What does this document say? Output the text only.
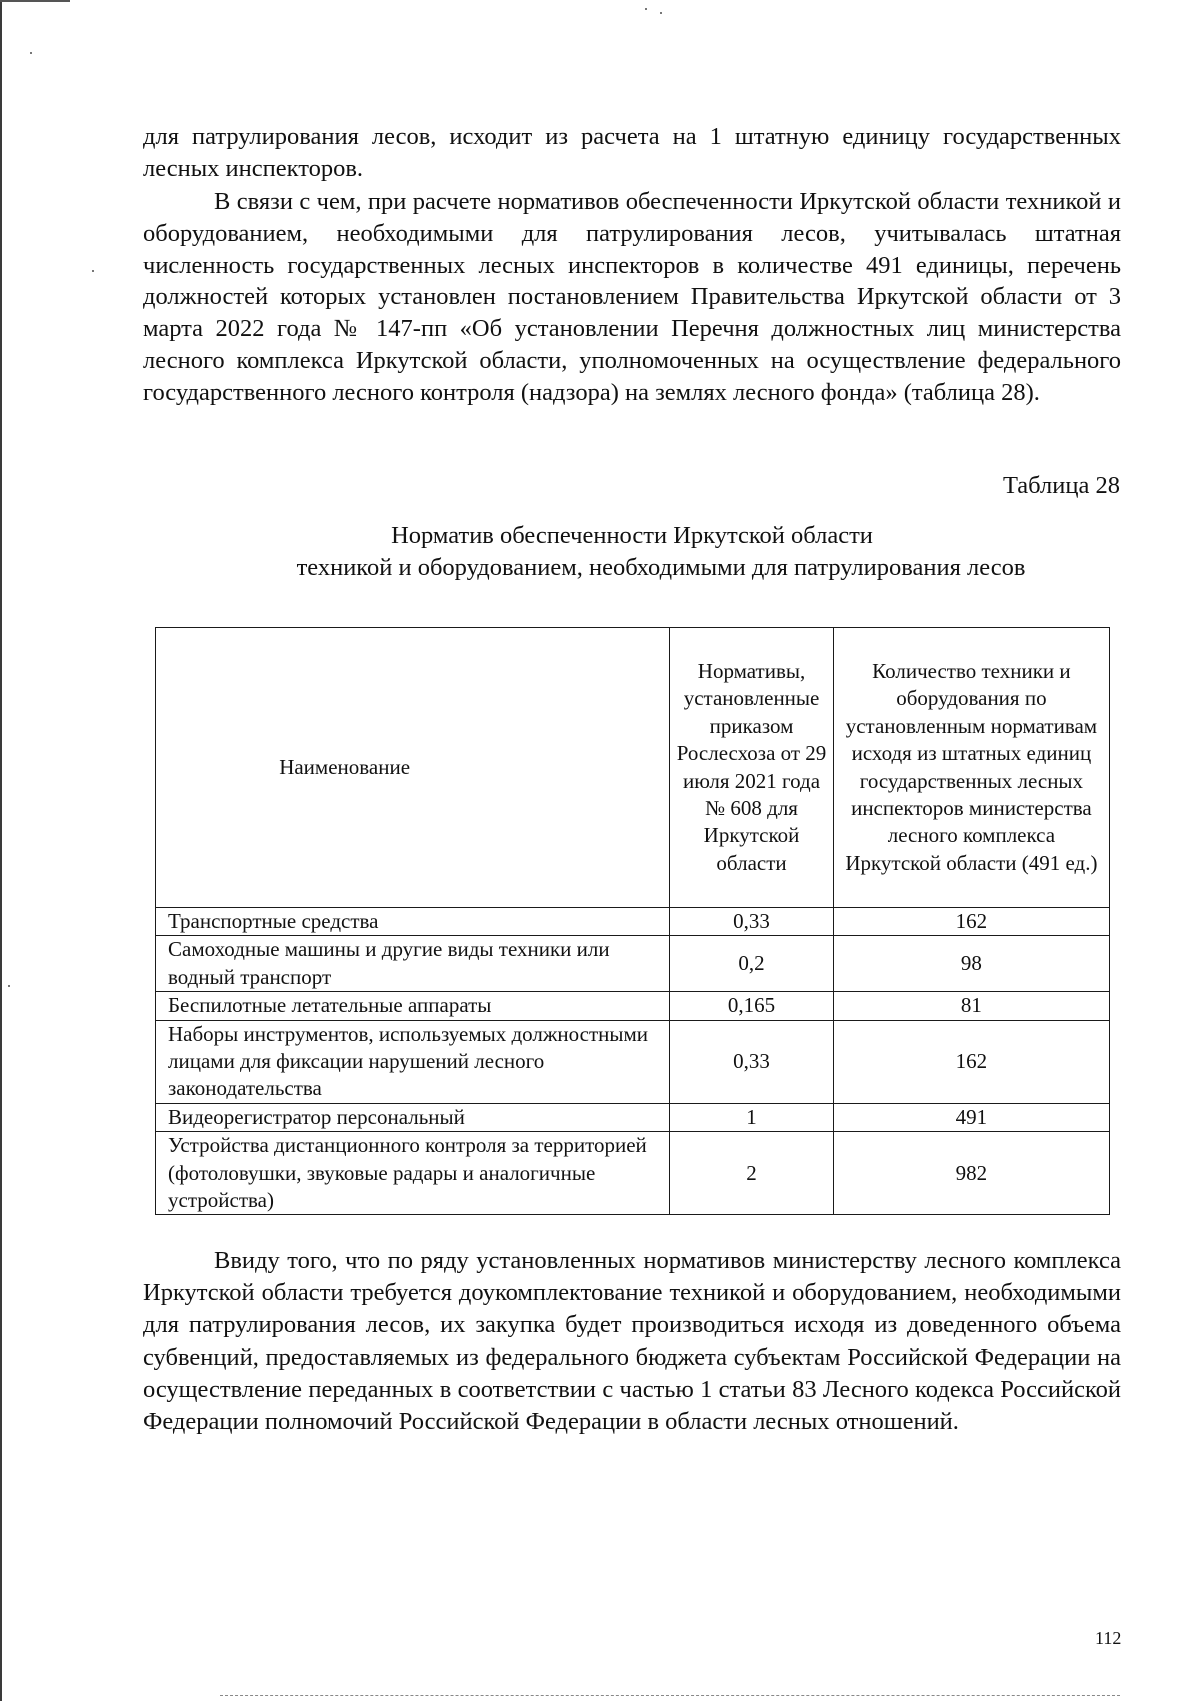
для патрулирования лесов, исходит из расчета на 1 штатную единицу государственных лесных инспекторов.

В связи с чем, при расчете нормативов обеспеченности Иркутской области техникой и оборудованием, необходимыми для патрулирования лесов, учитывалась штатная численность государственных лесных инспекторов в количестве 491 единицы, перечень должностей которых установлен постановлением Правительства Иркутской области от 3 марта 2022 года № 147-пп «Об установлении Перечня должностных лиц министерства лесного комплекса Иркутской области, уполномоченных на осуществление федерального государственного лесного контроля (надзора) на землях лесного фонда» (таблица 28).

Таблица 28
Норматив обеспеченности Иркутской области
техникой и оборудованием, необходимыми для патрулирования лесов
Наименование	Нормативы, установленные приказом Рослесхоза от 29 июля 2021 года № 608 для Иркутской области	Количество техники и оборудования по установленным нормативам исходя из штатных единиц государственных лесных инспекторов министерства лесного комплекса Иркутской области (491 ед.)
Транспортные средства	0,33	162
Самоходные машины и другие виды техники или водный транспорт	0,2	98
Беспилотные летательные аппараты	0,165	81
Наборы инструментов, используемых должностными лицами для фиксации нарушений лесного законодательства	0,33	162
Видеорегистратор персональный	1	491
Устройства дистанционного контроля за территорией (фотоловушки, звуковые радары и аналогичные устройства)	2	982

Ввиду того, что по ряду установленных нормативов министерству лесного комплекса Иркутской области требуется доукомплектование техникой и оборудованием, необходимыми для патрулирования лесов, их закупка будет производиться исходя из доведенного объема субвенций, предоставляемых из федерального бюджета субъектам Российской Федерации на осуществление переданных в соответствии с частью 1 статьи 83 Лесного кодекса Российской Федерации полномочий Российской Федерации в области лесных отношений.

112
